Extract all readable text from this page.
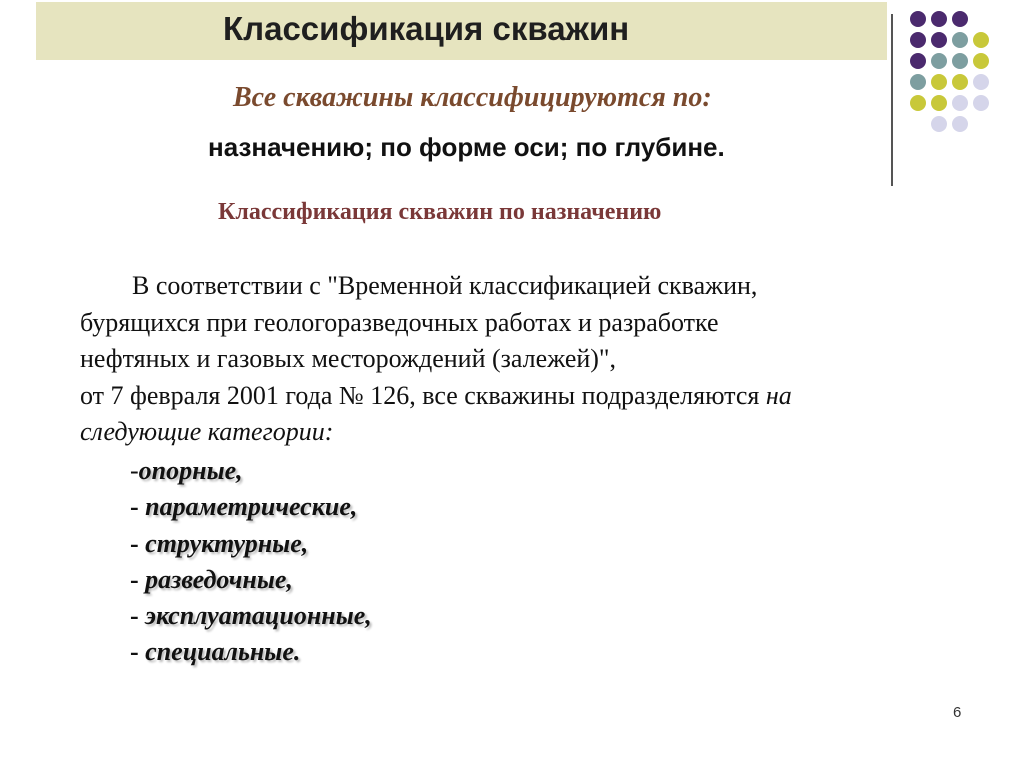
Классификация скважин
Все скважины классифицируются по:
назначению; по форме оси; по глубине.
Классификация скважин по назначению
В соответствии с "Временной классификацией скважин,
бурящихся при геологоразведочных работах и разработке
нефтяных и газовых месторождений (залежей)",
от 7 февраля 2001 года № 126, все скважины подразделяются на
следующие категории:
-опорные,
- параметрические,
- структурные,
- разведочные,
- эксплуатационные,
- специальные.
6
